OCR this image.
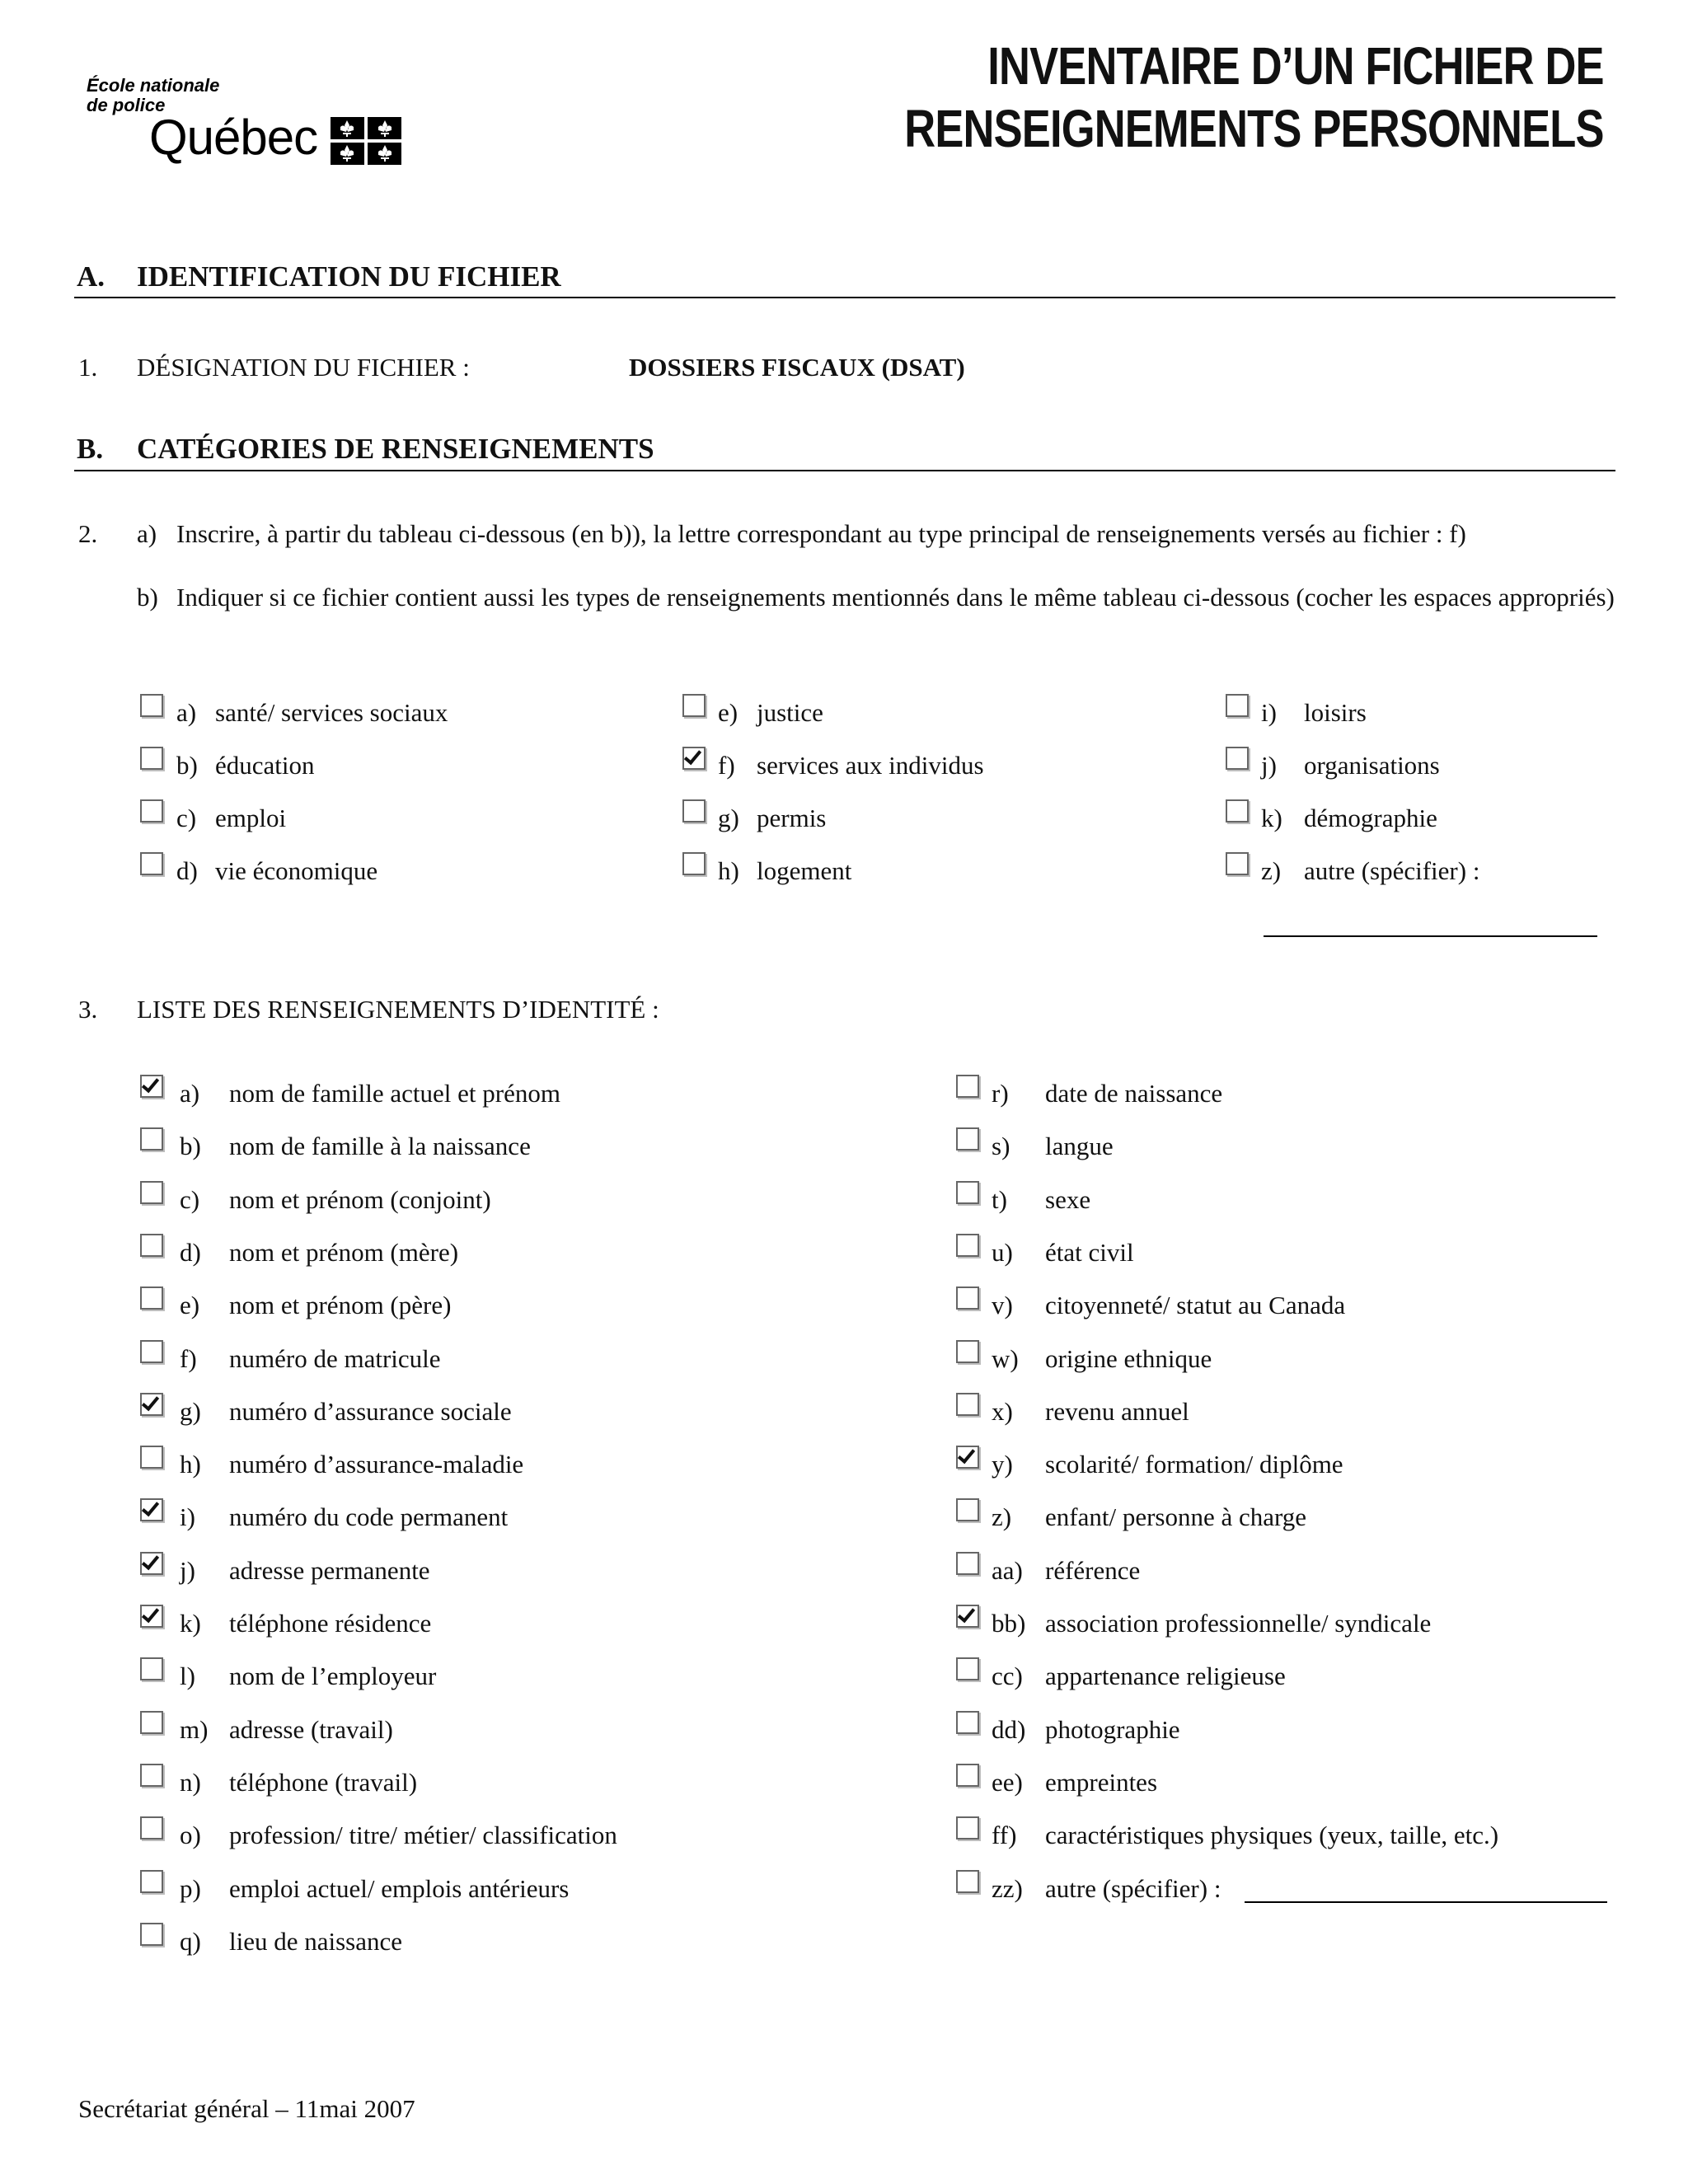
École nationale
de police
Québec
INVENTAIRE D’UN FICHIER DE
RENSEIGNEMENTS PERSONNELS
A. IDENTIFICATION DU FICHIER
1. DÉSIGNATION DU FICHIER :	DOSSIERS FISCAUX (DSAT)
B. CATÉGORIES DE RENSEIGNEMENTS
2. a) Inscrire, à partir du tableau ci-dessous (en b)), la lettre correspondant au type principal de renseignements versés au fichier : f)
b) Indiquer si ce fichier contient aussi les types de renseignements mentionnés dans le même tableau ci-dessous (cocher les espaces appropriés)
a) santé/ services sociaux
b) éducation
c) emploi
d) vie économique
e) justice
f) services aux individus
g) permis
h) logement
i) loisirs
j) organisations
k) démographie
z) autre (spécifier) :
3. LISTE DES RENSEIGNEMENTS D’IDENTITÉ :
a) nom de famille actuel et prénom
b) nom de famille à la naissance
c) nom et prénom (conjoint)
d) nom et prénom (mère)
e) nom et prénom (père)
f) numéro de matricule
g) numéro d’assurance sociale
h) numéro d’assurance-maladie
i) numéro du code permanent
j) adresse permanente
k) téléphone résidence
l) nom de l’employeur
m) adresse (travail)
n) téléphone (travail)
o) profession/ titre/ métier/ classification
p) emploi actuel/ emplois antérieurs
q) lieu de naissance
r) date de naissance
s) langue
t) sexe
u) état civil
v) citoyenneté/ statut au Canada
w) origine ethnique
x) revenu annuel
y) scolarité/ formation/ diplôme
z) enfant/ personne à charge
aa) référence
bb) association professionnelle/ syndicale
cc) appartenance religieuse
dd) photographie
ee) empreintes
ff) caractéristiques physiques (yeux, taille, etc.)
zz) autre (spécifier) :
Secrétariat général – 11mai 2007
